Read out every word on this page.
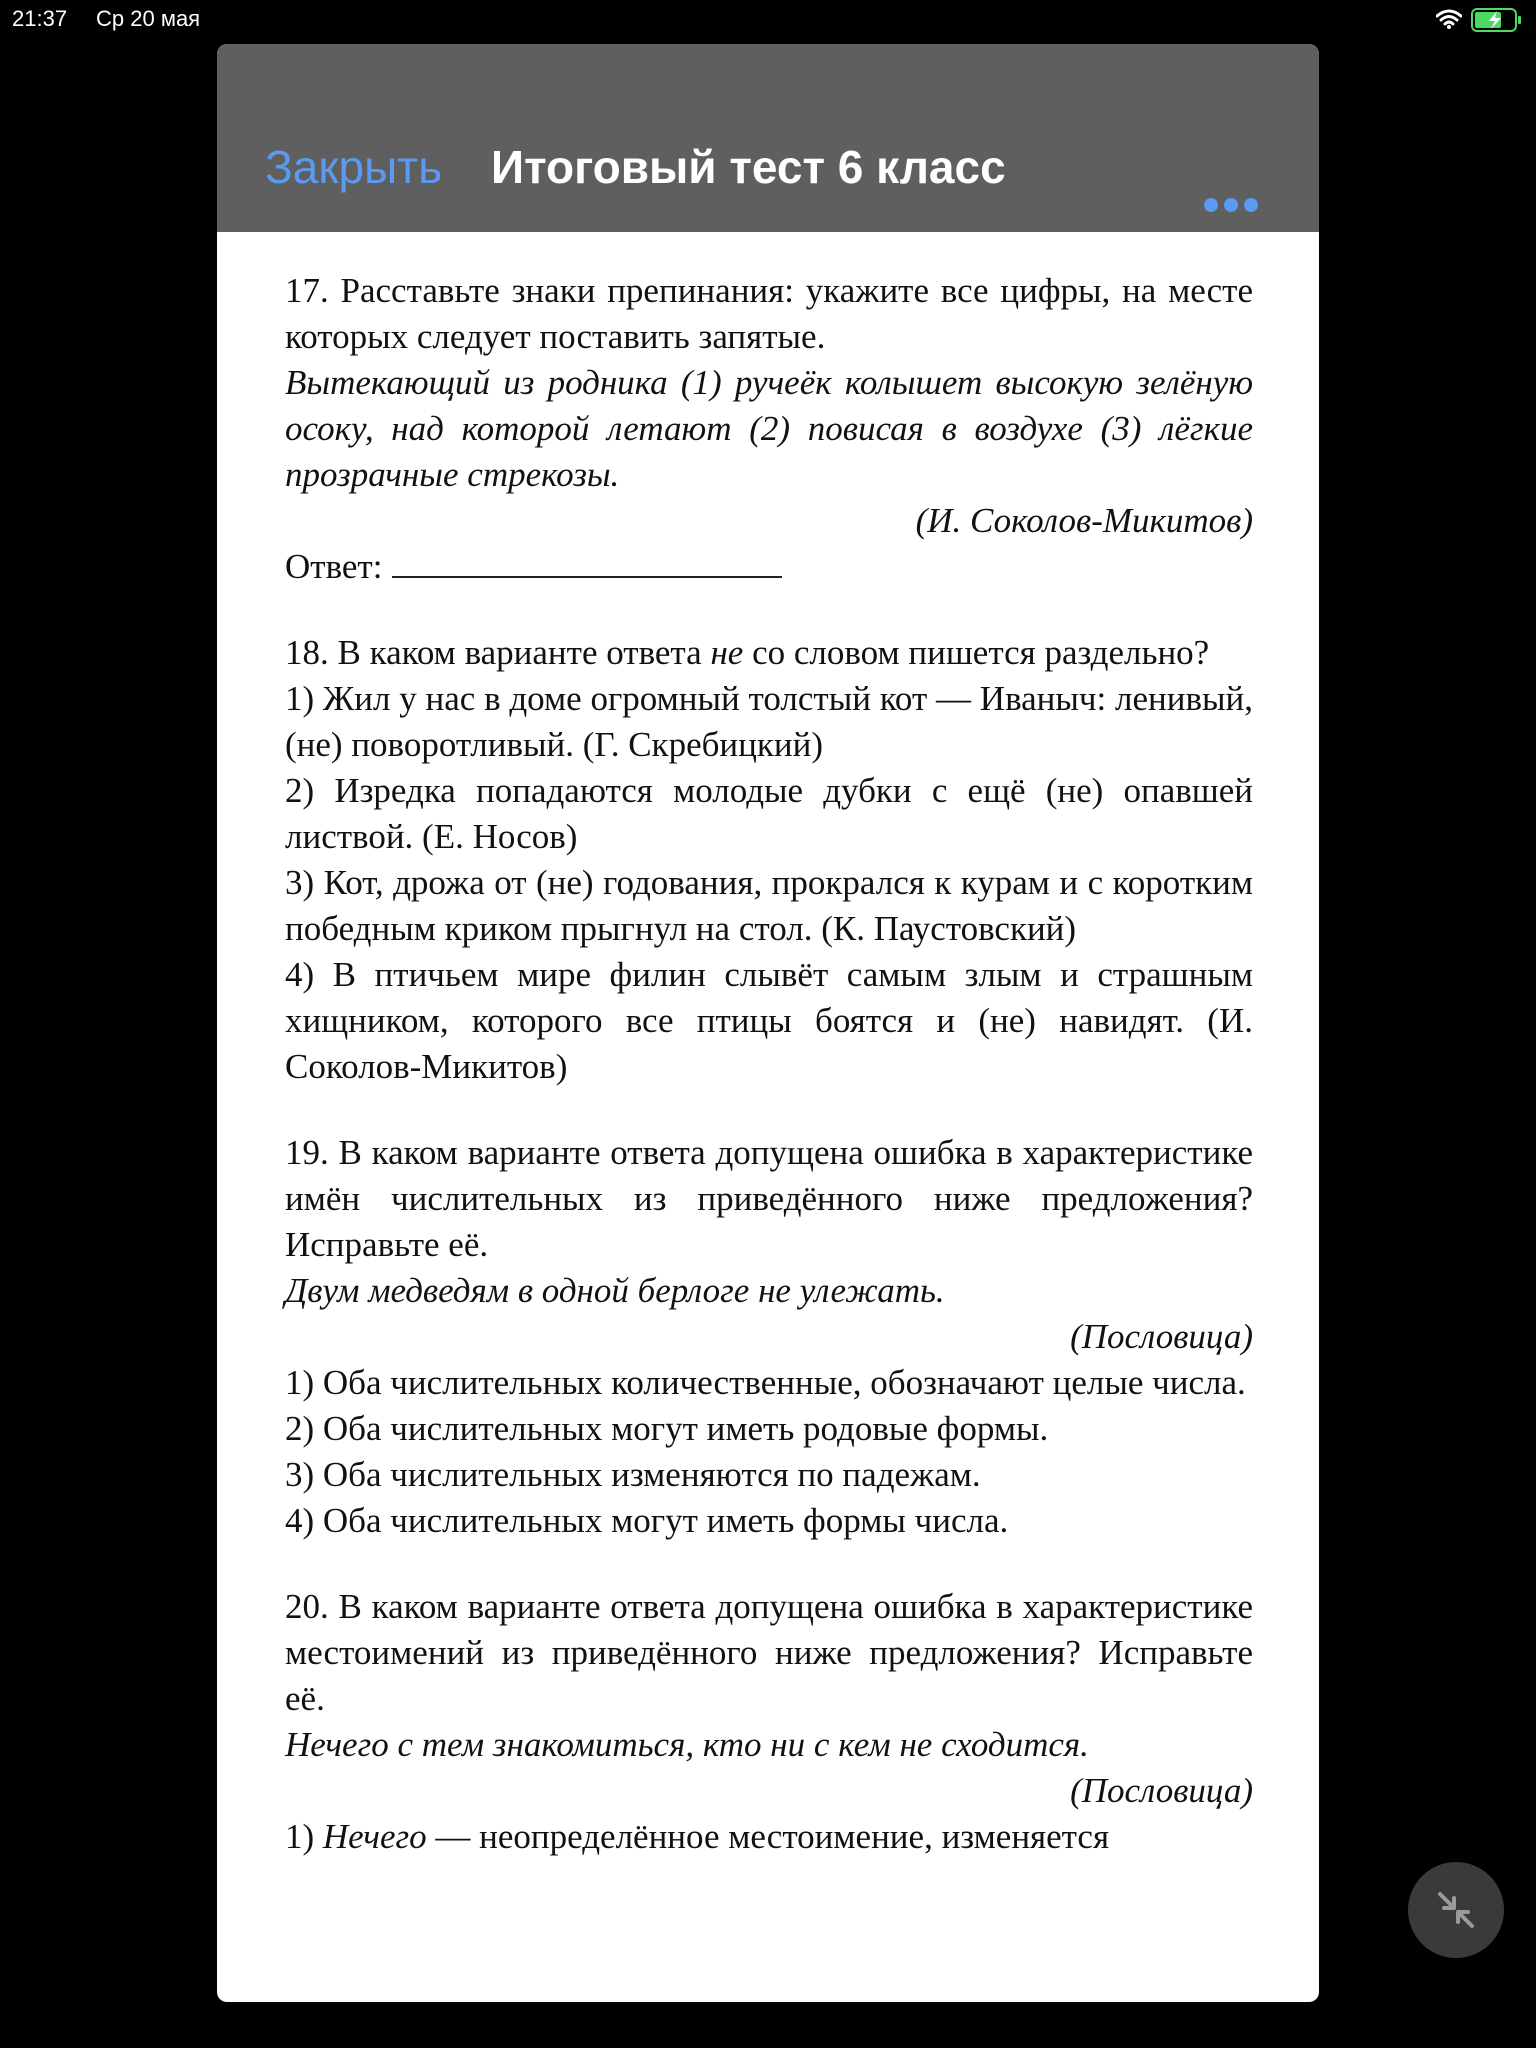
21:37 Ср 20 мая
Закрыть Итоговый тест 6 класс

17. Расставьте знаки препинания: укажите все цифры, на месте которых следует поставить запятые.

Вытекающий из родника (1) ручеёк колышет высокую зелёную осоку, над которой летают (2) повисая в воздухе (3) лёгкие прозрачные стрекозы.

(И. Соколов-Микитов)

Ответ:

18. В каком варианте ответа не со словом пишется раздельно?

1) Жил у нас в доме огромный толстый кот — Иваныч: ленивый, (не) поворотливый. (Г. Скребицкий)

2) Изредка попадаются молодые дубки с ещё (не) опавшей листвой. (Е. Носов)

3) Кот, дрожа от (не) годования, прокрался к курам и с коротким победным криком прыгнул на стол. (К. Паустовский)

4) В птичьем мире филин слывёт самым злым и страшным хищником, которого все птицы боятся и (не) навидят. (И. Соколов-Микитов)

19. В каком варианте ответа допущена ошибка в характеристике имён числительных из приведённого ниже предложения? Исправьте её.

Двум медведям в одной берлоге не улежать.

(Пословица)

1) Оба числительных количественные, обозначают целые числа.

2) Оба числительных могут иметь родовые формы.

3) Оба числительных изменяются по падежам.

4) Оба числительных могут иметь формы числа.

20. В каком варианте ответа допущена ошибка в характеристике местоимений из приведённого ниже предложения? Исправьте её.

Нечего с тем знакомиться, кто ни с кем не сходится.

(Пословица)

1) Нечего — неопределённое местоимение, изменяется
